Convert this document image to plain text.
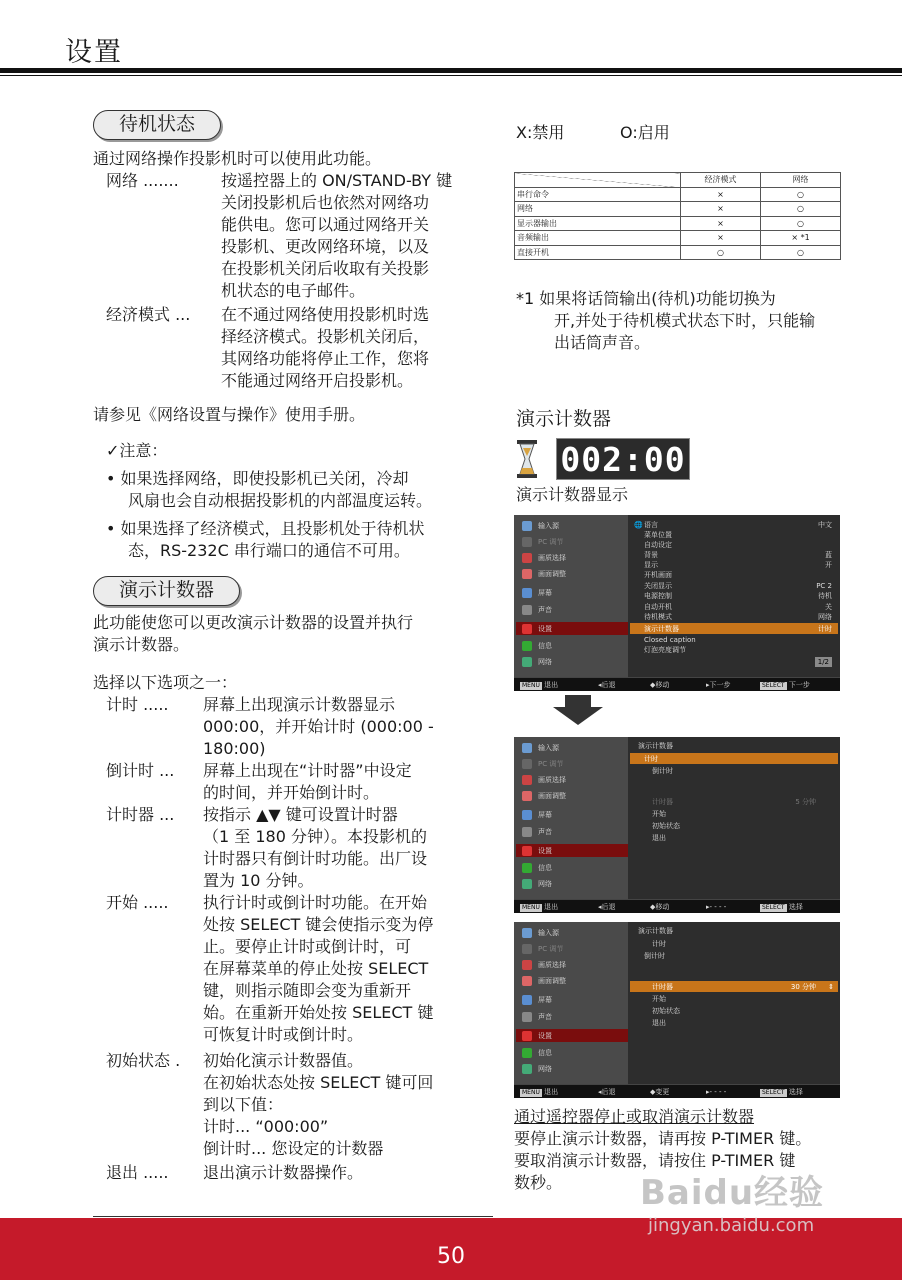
设置
待机状态
通过网络操作投影机时可以使用此功能。
网络 .......	按遥控器上的 ON/STAND-BY 键
关闭投影机后也依然对网络功
能供电。您可以通过网络开关
投影机、更改网络环境，以及
在投影机关闭后收取有关投影
机状态的电子邮件。
经济模式 ... 在不通过网络使用投影机时选
择经济模式。投影机关闭后，
其网络功能将停止工作，您将
不能通过网络开启投影机。
请参见《网络设置与操作》使用手册。
✓注意：
• 如果选择网络，即使投影机已关闭，冷却
风扇也会自动根据投影机的内部温度运转。
• 如果选择了经济模式，且投影机处于待机状
态，RS-232C 串行端口的通信不可用。
演示计数器
此功能使您可以更改演示计数器的设置并执行
演示计数器。
选择以下选项之一：
计时 ..... 屏幕上出现演示计数器显示
000:00，并开始计时 (000:00 -
180:00)
倒计时 ... 屏幕上出现在“计时器”中设定
的时间，并开始倒计时。
计时器 ... 按指示 ▲▼ 键可设置计时器
（1 至 180 分钟）。本投影机的
计时器只有倒计时功能。出厂设
置为 10 分钟。
开始 ..... 执行计时或倒计时功能。在开始
处按 SELECT 键会使指示变为停
止。要停止计时或倒计时，可
在屏幕菜单的停止处按 SELECT
键，则指示随即会变为重新开
始。在重新开始处按 SELECT 键
可恢复计时或倒计时。
初始状态 . 初始化演示计数器值。
在初始状态处按 SELECT 键可回
到以下值：
计时... “000:00”
倒计时... 您设定的计数器
退出 ..... 退出演示计数器操作。
X:禁用	O:启用
	经济模式	网络
串行命令	×	○
网络	×	○
显示器输出	×	○
音频输出	×	× *1
直接开机	○	○
*1 如果将话筒输出(待机)功能切换为
开,并处于待机模式状态下时，只能输
出话筒声音。
演示计数器
002:00
演示计数器显示
输入源
PC 调节
画质选择
画面调整
屏幕
声音
设置
信息
网络
🌐 语言	中文
菜单位置
自动设定
背景	蓝
显示	开
开机画面
关闭显示	PC 2
电源控制	待机
自动开机	关
待机模式	网络
演示计数器	计时
Closed caption
灯泡亮度调节
1/2
MENU 退出	◂后退	◆移动	▸下一步	SELECT 下一步
输入源
PC 调节
画质选择
画面调整
屏幕
声音
设置
信息
网络
演示计数器
计时
倒计时
计时器	5 分钟
开始
初始状态
退出
MENU 退出	◂后退	◆移动	▸- - - -	SELECT 选择
输入源
PC 调节
画质选择
画面调整
屏幕
声音
设置
信息
网络
演示计数器
计时
倒计时
计时器	30 分钟 ⇕
开始
初始状态
退出
MENU 退出	◂后退	◆变更	▸- - - -	SELECT 选择
通过遥控器停止或取消演示计数器
要停止演示计数器，请再按 P-TIMER 键。
要取消演示计数器，请按住 P-TIMER 键
数秒。
50
Baidu经验
jingyan.baidu.com
